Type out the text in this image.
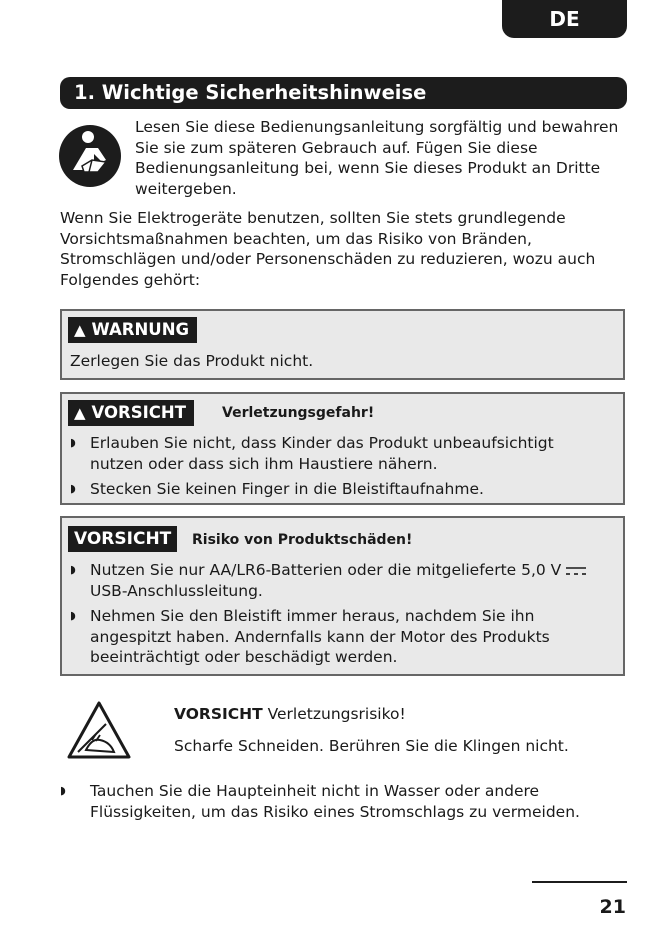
DE
1. Wichtige Sicherheitshinweise
Lesen Sie diese Bedienungsanleitung sorgfältig und bewahren Sie sie zum späteren Gebrauch auf. Fügen Sie diese Bedienungsanleitung bei, wenn Sie dieses Produkt an Dritte weitergeben.
Wenn Sie Elektrogeräte benutzen, sollten Sie stets grundlegende Vorsichtsmaßnahmen beachten, um das Risiko von Bränden, Stromschlägen und/oder Personenschäden zu reduzieren, wozu auch Folgendes gehört:
▲ WARNUNG
Zerlegen Sie das Produkt nicht.
▲ VORSICHT	Verletzungsgefahr!
◗ Erlauben Sie nicht, dass Kinder das Produkt unbeaufsichtigt nutzen oder dass sich ihm Haustiere nähern.
◗ Stecken Sie keinen Finger in die Bleistiftaufnahme.
VORSICHT	Risiko von Produktschäden!
◗ Nutzen Sie nur AA/LR6-Batterien oder die mitgelieferte 5,0 V
USB-Anschlussleitung.
◗ Nehmen Sie den Bleistift immer heraus, nachdem Sie ihn angespitzt haben. Andernfalls kann der Motor des Produkts beeinträchtigt oder beschädigt werden.
VORSICHT Verletzungsrisiko!
Scharfe Schneiden. Berühren Sie die Klingen nicht.
◗ Tauchen Sie die Haupteinheit nicht in Wasser oder andere Flüssigkeiten, um das Risiko eines Stromschlags zu vermeiden.
21
